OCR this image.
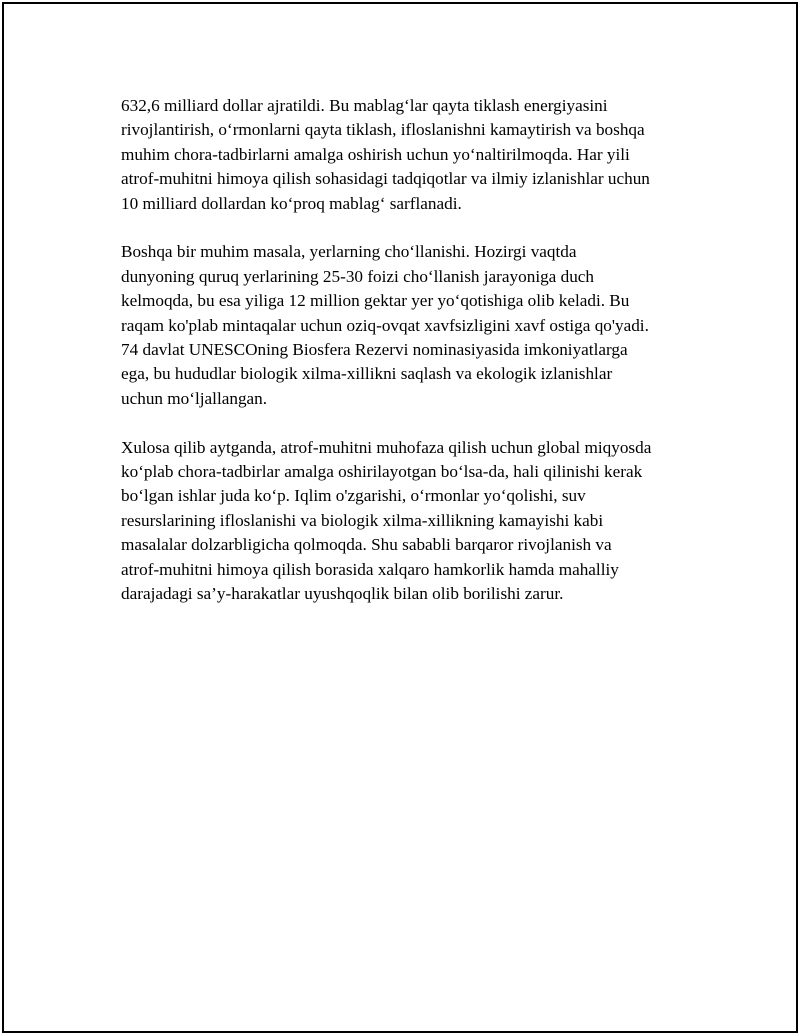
632,6 milliard dollar ajratildi. Bu mablag‘lar qayta tiklash energiyasini
rivojlantirish, o‘rmonlarni qayta tiklash, ifloslanishni kamaytirish va boshqa
muhim chora-tadbirlarni amalga oshirish uchun yo‘naltirilmoqda. Har yili
atrof-muhitni himoya qilish sohasidagi tadqiqotlar va ilmiy izlanishlar uchun
10 milliard dollardan ko‘proq mablag‘ sarflanadi.

Boshqa bir muhim masala, yerlarning cho‘llanishi. Hozirgi vaqtda
dunyoning quruq yerlarining 25-30 foizi cho‘llanish jarayoniga duch
kelmoqda, bu esa yiliga 12 million gektar yer yo‘qotishiga olib keladi. Bu
raqam ko'plab mintaqalar uchun oziq-ovqat xavfsizligini xavf ostiga qo'yadi.
74 davlat UNESCOning Biosfera Rezervi nominasiyasida imkoniyatlarga
ega, bu hududlar biologik xilma-xillikni saqlash va ekologik izlanishlar
uchun mo‘ljallangan.

Xulosa qilib aytganda, atrof-muhitni muhofaza qilish uchun global miqyosda
ko‘plab chora-tadbirlar amalga oshirilayotgan bo‘lsa-da, hali qilinishi kerak
bo‘lgan ishlar juda ko‘p. Iqlim o'zgarishi, o‘rmonlar yo‘qolishi, suv
resurslarining ifloslanishi va biologik xilma-xillikning kamayishi kabi
masalalar dolzarbligicha qolmoqda. Shu sababli barqaror rivojlanish va
atrof-muhitni himoya qilish borasida xalqaro hamkorlik hamda mahalliy
darajadagi sa’y-harakatlar uyushqoqlik bilan olib borilishi zarur.
